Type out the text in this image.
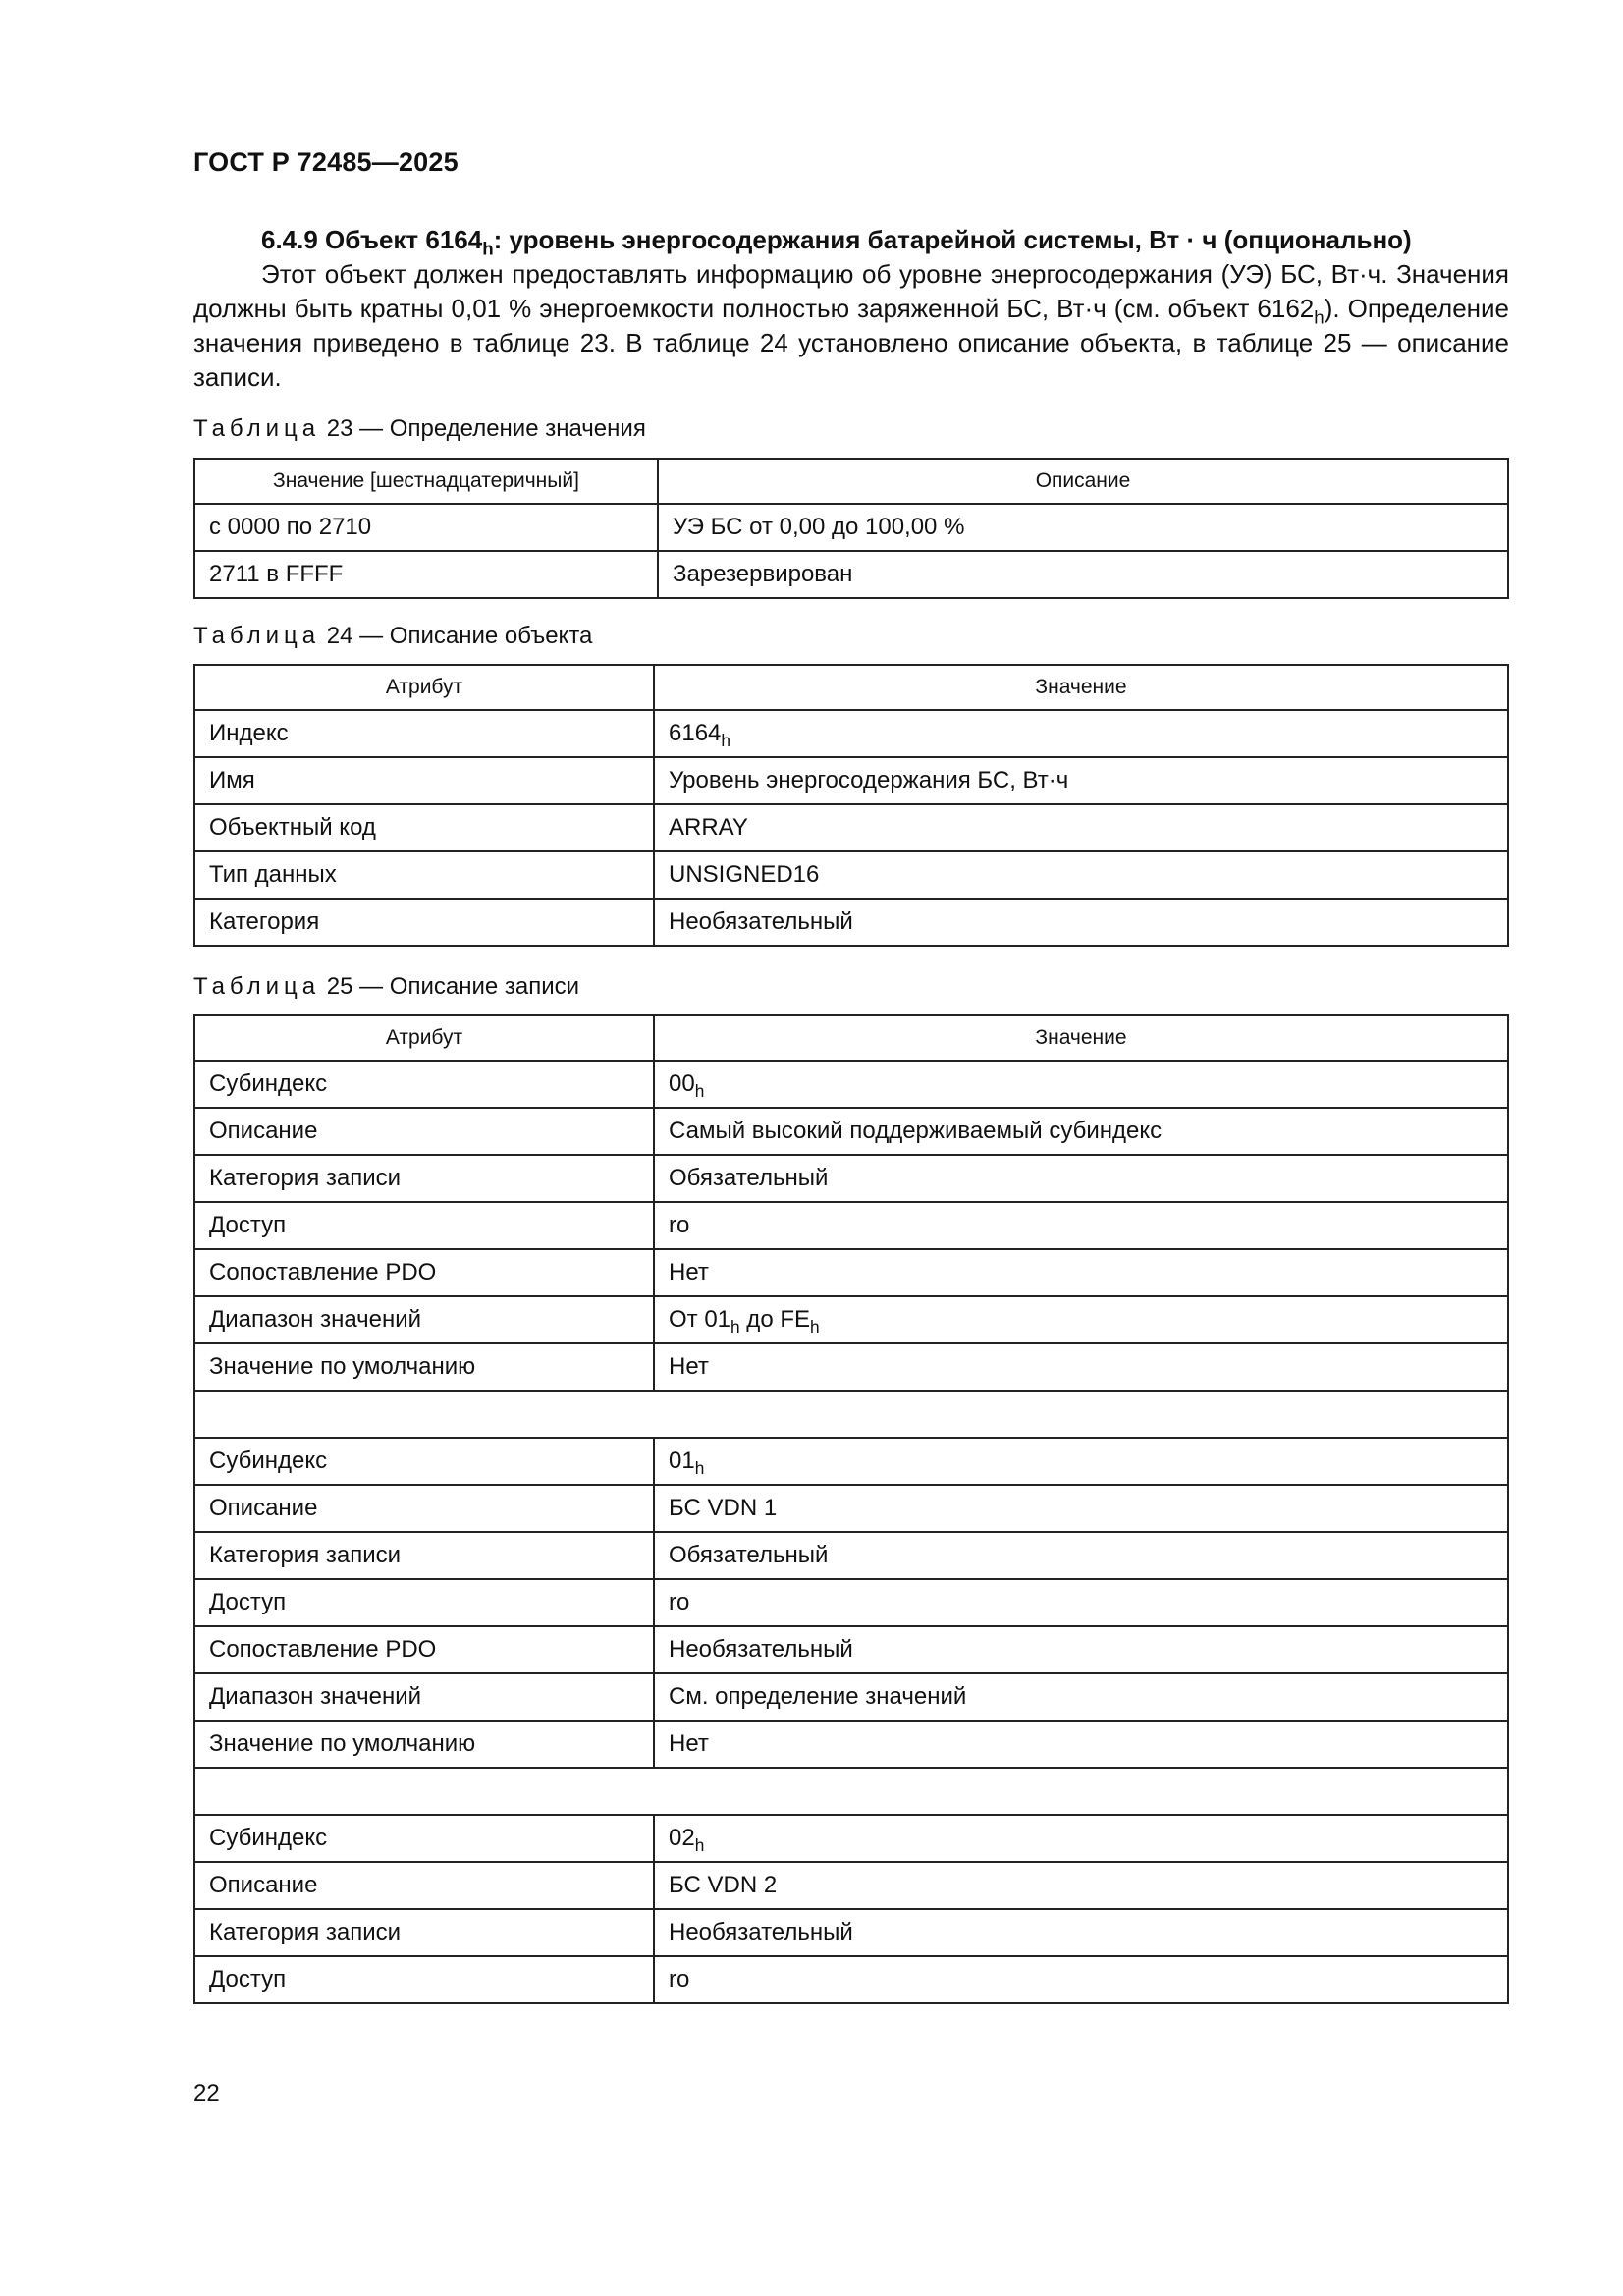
ГОСТ Р 72485—2025
6.4.9 Объект $6164_h$: уровень энергосодержания батарейной системы, Вт · ч (опционально)
Этот объект должен предоставлять информацию об уровне энергосодержания (УЭ) БС, Вт·ч. Значения должны быть кратны 0,01 % энергоемкости полностью заряженной БС, Вт·ч (см. объект $6162_h$). Определение значения приведено в таблице 23. В таблице 24 установлено описание объекта, в таблице 25 — описание записи.
Таблица 23 — Определение значения
Значение [шестнадцатеричный]	Описание
с 0000 по 2710	УЭ БС от 0,00 до 100,00 %
2711 в FFFF	Зарезервирован
Таблица 24 — Описание объекта
Атрибут	Значение
Индекс	$6164_h$
Имя	Уровень энергосодержания БС, Вт·ч
Объектный код	ARRAY
Тип данных	UNSIGNED16
Категория	Необязательный
Таблица 25 — Описание записи
Атрибут	Значение
Субиндекс	$00_h$
Описание	Самый высокий поддерживаемый субиндекс
Категория записи	Обязательный
Доступ	ro
Сопоставление PDO	Нет
Диапазон значений	От $01_h$ до $FE_h$
Значение по умолчанию	Нет

Субиндекс	$01_h$
Описание	БС VDN 1
Категория записи	Обязательный
Доступ	ro
Сопоставление PDO	Необязательный
Диапазон значений	См. определение значений
Значение по умолчанию	Нет

Субиндекс	$02_h$
Описание	БС VDN 2
Категория записи	Необязательный
Доступ	ro
22
